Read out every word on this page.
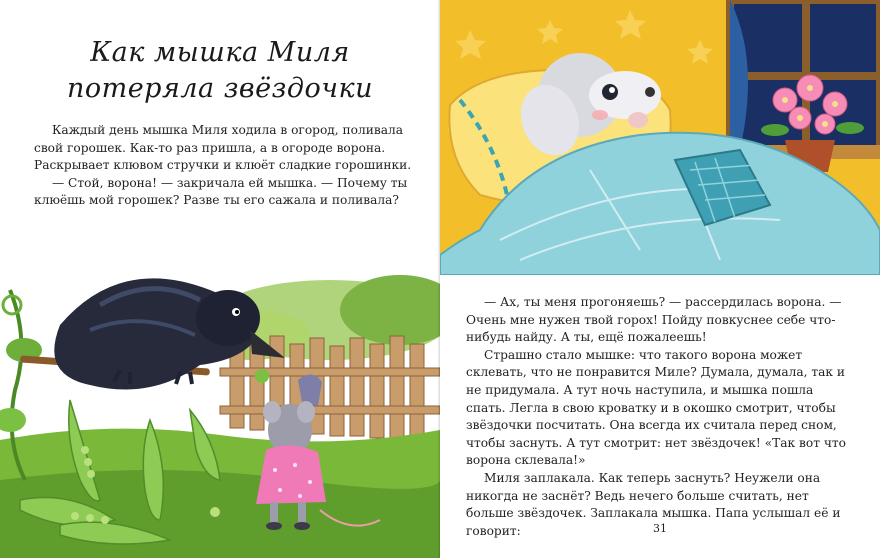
Как мышка Миля
потеряла звёздочки

Каждый день мышка Миля ходила в огород, поливала свой горошек. Как-то раз пришла, а в огороде ворона. Раскрывает клювом стручки и клюёт сладкие горошинки.

— Стой, ворона! — закричала ей мышка. — Почему ты клюёшь мой горошек? Разве ты его сажала и поливала?

— Ах, ты меня прогоняешь? — рассердилась ворона. — Очень мне нужен твой горох! Пойду повкуснее себе что-нибудь найду. А ты, ещё пожалеешь!

Страшно стало мышке: что такого ворона может склевать, что не понравится Миле? Думала, думала, так и не придумала. А тут ночь наступила, и мышка пошла спать. Легла в свою кроватку и в окошко смотрит, чтобы звёздочки посчитать. Она всегда их считала перед сном, чтобы заснуть. А тут смотрит: нет звёздочек! «Так вот что ворона склевала!»

Миля заплакала. Как теперь заснуть? Неужели она никогда не заснёт? Ведь нечего больше считать, нет больше звёздочек. Заплакала мышка. Папа услышал её и говорит:	31
